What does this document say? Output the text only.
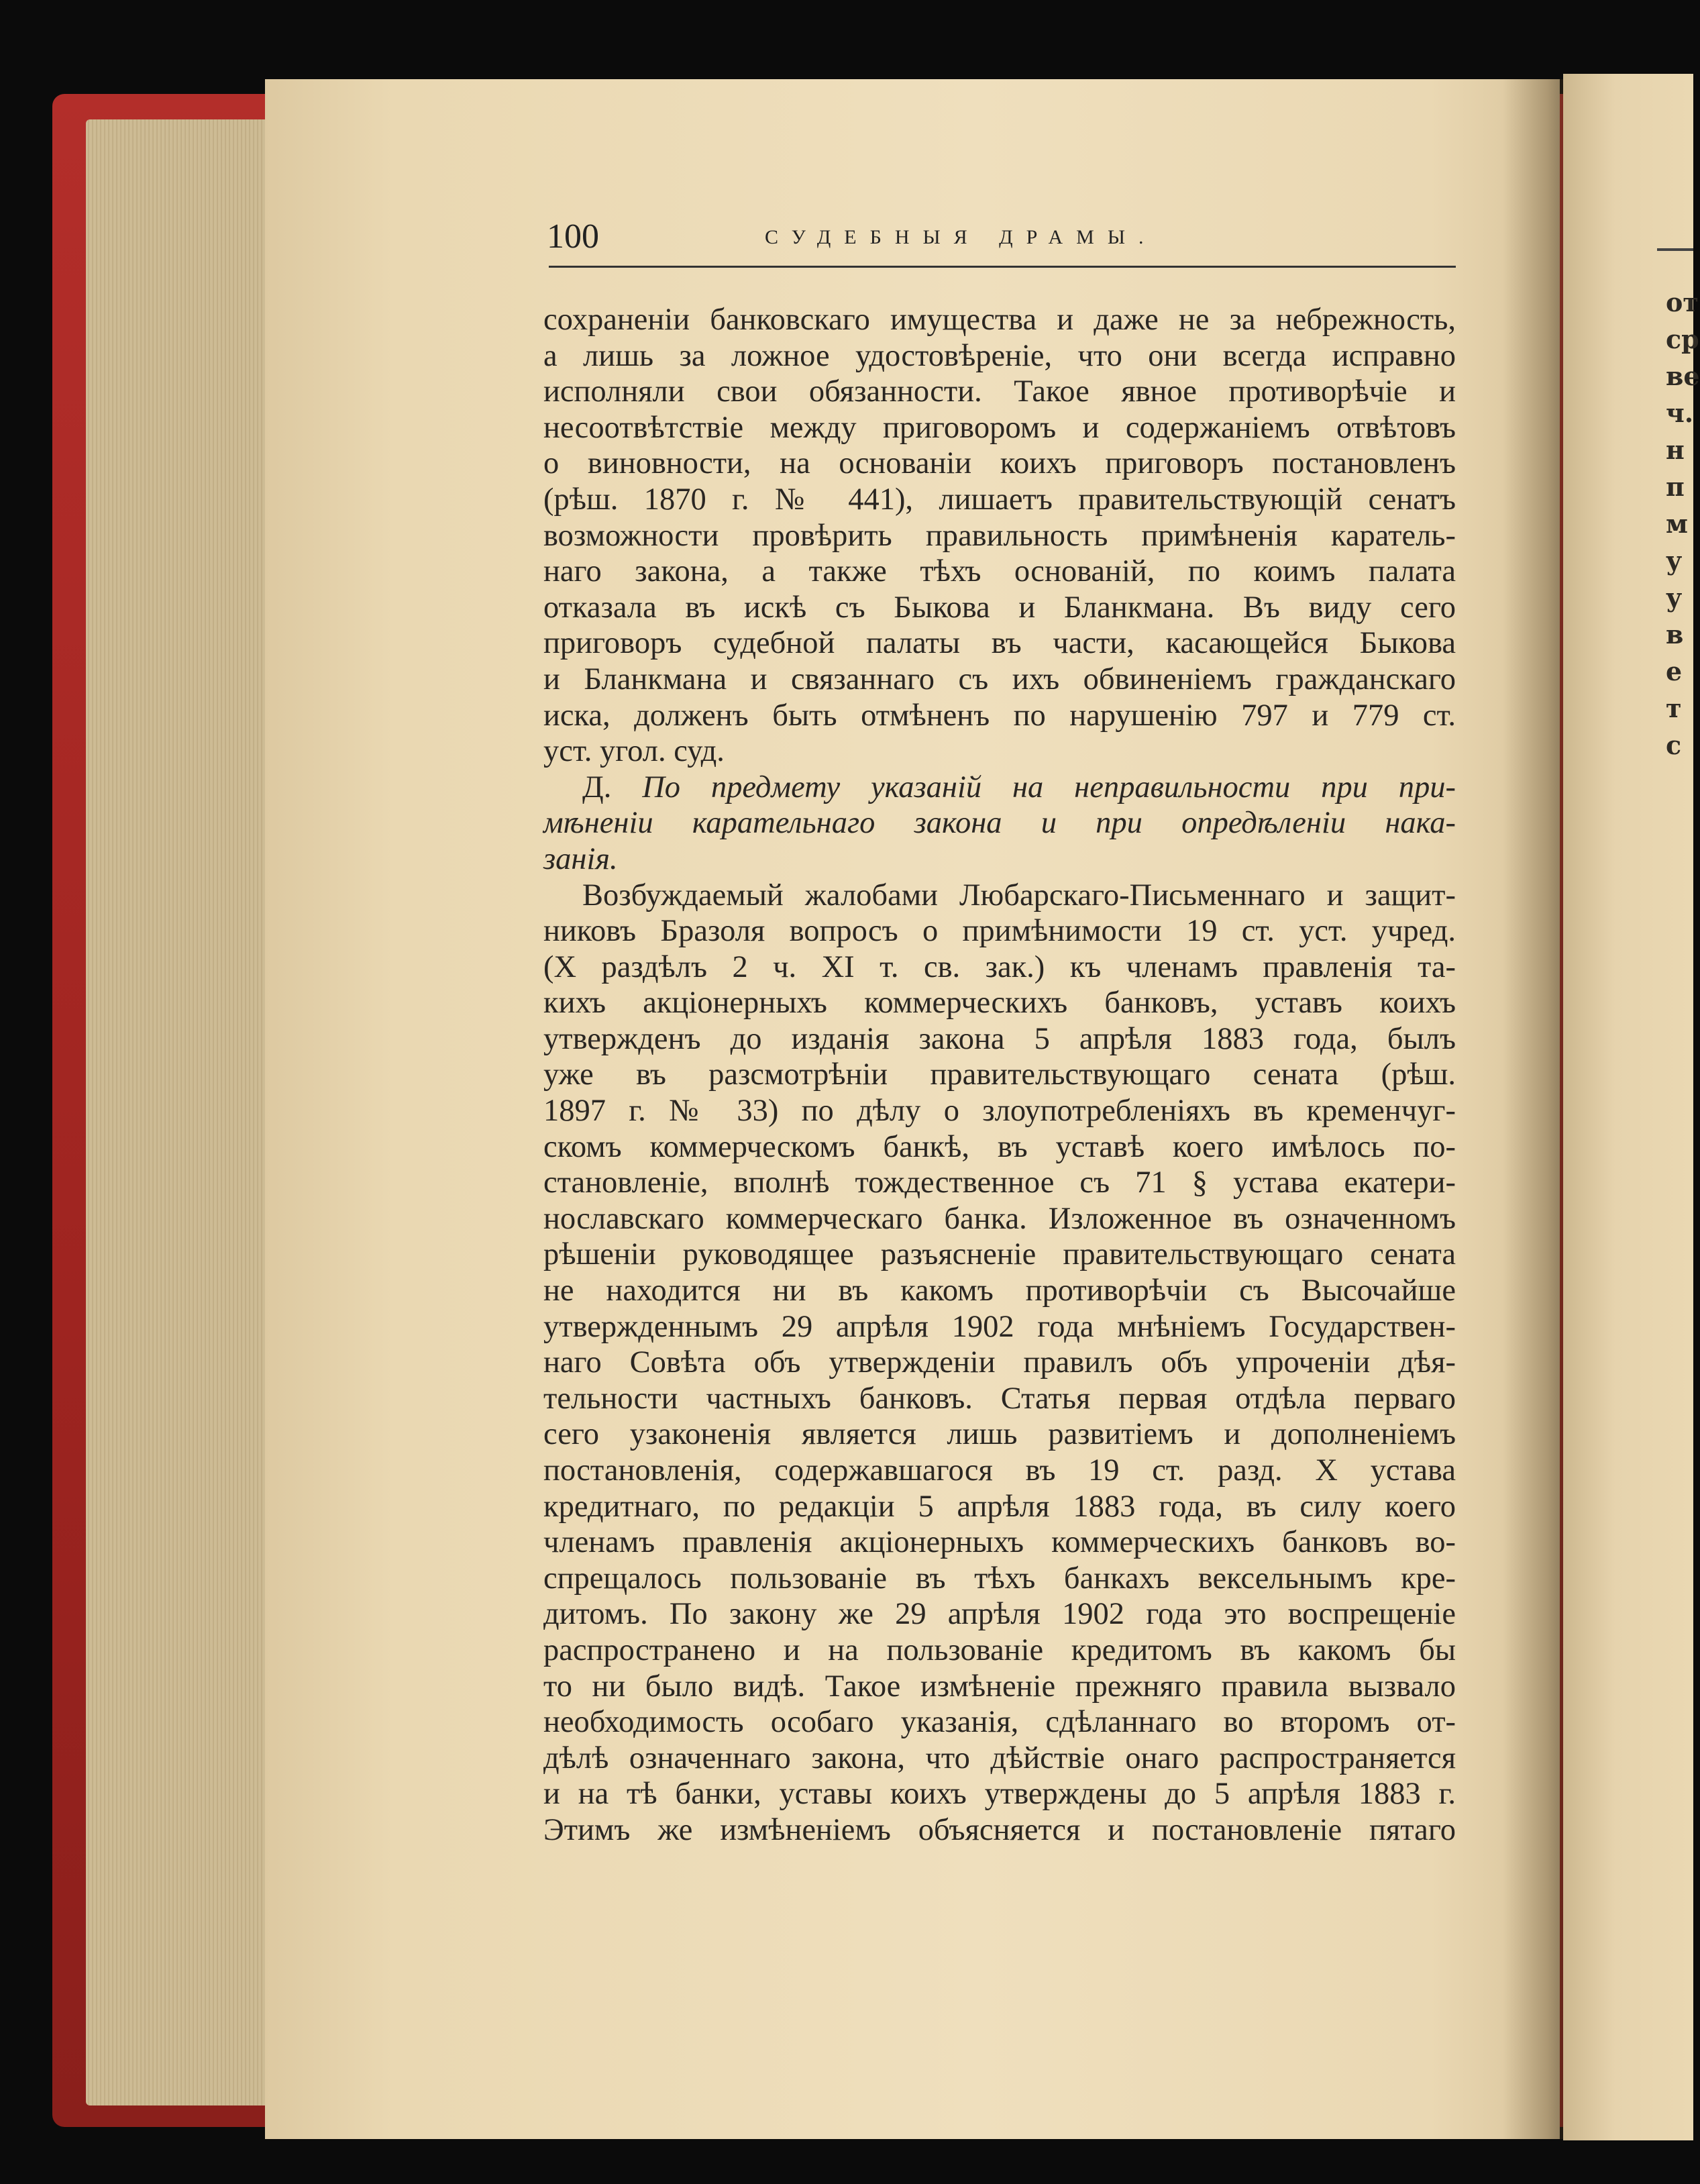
от
ср
ве
ч.
н
п
м
у
у
в
е
т
с
100	СУДЕБНЫЯ ДРАМЫ.
сохраненіи банковскаго имущества и даже не за небрежность,
а лишь за ложное удостовѣреніе, что они всегда исправно
исполняли свои обязанности. Такое явное противорѣчіе и
несоотвѣтствіе между приговоромъ и содержаніемъ отвѣтовъ
о виновности, на основаніи коихъ приговоръ постановленъ
(рѣш. 1870 г. № 441), лишаетъ правительствующій сенатъ
возможности провѣрить правильность примѣненія каратель-
наго закона, а также тѣхъ основаній, по коимъ палата
отказала въ искѣ съ Быкова и Бланкмана. Въ виду сего
приговоръ судебной палаты въ части, касающейся Быкова
и Бланкмана и связаннаго съ ихъ обвиненіемъ гражданскаго
иска, долженъ быть отмѣненъ по нарушенію 797 и 779 ст.
уст. угол. суд.
Д. По предмету указаній на неправильности при при-
мѣненіи карательнаго закона и при опредѣленіи нака-
занія.
Возбуждаемый жалобами Любарскаго-Письменнаго и защит-
никовъ Бразоля вопросъ о примѣнимости 19 ст. уст. учред.
(X раздѣлъ 2 ч. XI т. св. зак.) къ членамъ правленія та-
кихъ акціонерныхъ коммерческихъ банковъ, уставъ коихъ
утвержденъ до изданія закона 5 апрѣля 1883 года, былъ
уже въ разсмотрѣніи правительствующаго сената (рѣш.
1897 г. № 33) по дѣлу о злоупотребленіяхъ въ кременчуг-
скомъ коммерческомъ банкѣ, въ уставѣ коего имѣлось по-
становленіе, вполнѣ тождественное съ 71 § устава екатери-
нославскаго коммерческаго банка. Изложенное въ означенномъ
рѣшеніи руководящее разъясненіе правительствующаго сената
не находится ни въ какомъ противорѣчіи съ Высочайше
утвержденнымъ 29 апрѣля 1902 года мнѣніемъ Государствен-
наго Совѣта объ утвержденіи правилъ объ упроченіи дѣя-
тельности частныхъ банковъ. Статья первая отдѣла перваго
сего узаконенія является лишь развитіемъ и дополненіемъ
постановленія, содержавшагося въ 19 ст. разд. X устава
кредитнаго, по редакціи 5 апрѣля 1883 года, въ силу коего
членамъ правленія акціонерныхъ коммерческихъ банковъ во-
спрещалось пользованіе въ тѣхъ банкахъ вексельнымъ кре-
дитомъ. По закону же 29 апрѣля 1902 года это воспрещеніе
распространено и на пользованіе кредитомъ въ какомъ бы
то ни было видѣ. Такое измѣненіе прежняго правила вызвало
необходимость особаго указанія, сдѣланнаго во второмъ от-
дѣлѣ означеннаго закона, что дѣйствіе онаго распространяется
и на тѣ банки, уставы коихъ утверждены до 5 апрѣля 1883 г.
Этимъ же измѣненіемъ объясняется и постановленіе пятаго
